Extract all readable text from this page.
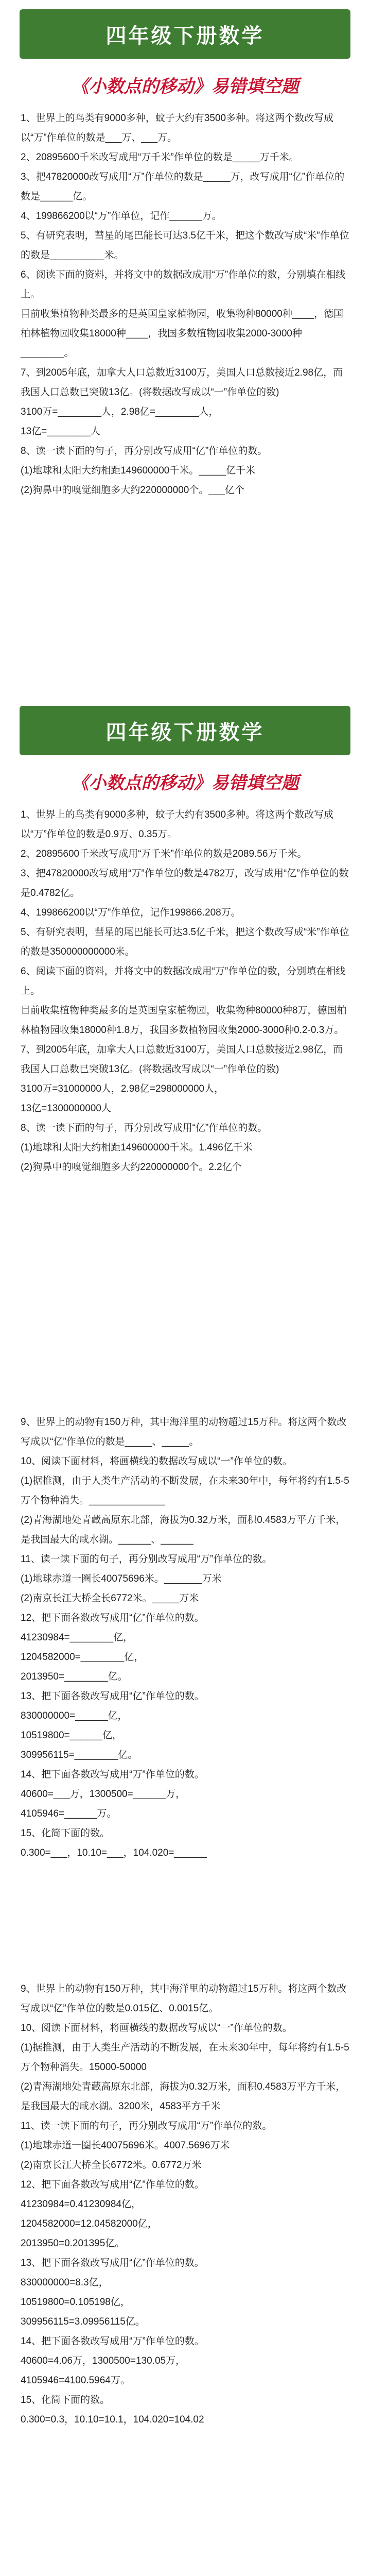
四年级下册数学
《小数点的移动》易错填空题

1、世界上的鸟类有9000多种，蚊子大约有3500多种。将这两个数改写成以“万”作单位的数是___万、___万。

2、20895600千米改写成用“万千米”作单位的数是_____万千米。

3、把47820000改写成用“万”作单位的数是_____万，改写成用“亿”作单位的数是______亿。

4、199866200以“万”作单位，记作______万。

5、有研究表明，彗星的尾巴能长可达3.5亿千米，把这个数改写成“米”作单位的数是__________米。

6、阅读下面的资料，并将文中的数据改成用“万”作单位的数，分别填在相线上。

目前收集植物种类最多的是英国皇家植物园，收集物种80000种____，德国柏林植物园收集18000种____，我国多数植物园收集2000-3000种________。

7、到2005年底，加拿大人口总数近3100万，美国人口总数接近2.98亿，而我国人口总数已突破13亿。(将数据改写成以“一”作单位的数)

3100万=________人，2.98亿=________人，

13亿=________人

8、读一读下面的句子，再分别改写成用“亿”作单位的数。

(1)地球和太阳大约相距149600000千米。_____亿千米

(2)狗鼻中的嗅觉细胞多大约220000000个。___亿个

四年级下册数学
《小数点的移动》易错填空题

1、世界上的鸟类有9000多种，蚊子大约有3500多种。将这两个数改写成以“万”作单位的数是0.9万、0.35万。

2、20895600千米改写成用“万千米”作单位的数是2089.56万千米。

3、把47820000改写成用“万”作单位的数是4782万，改写成用“亿”作单位的数是0.4782亿。

4、199866200以“万”作单位，记作199866.208万。

5、有研究表明，彗星的尾巴能长可达3.5亿千米，把这个数改写成“米”作单位的数是350000000000米。

6、阅读下面的资料，并将文中的数据改成用“万”作单位的数，分别填在相线上。

目前收集植物种类最多的是英国皇家植物园，收集物种80000种8万，德国柏林植物园收集18000种1.8万，我国多数植物园收集2000-3000种0.2-0.3万。

7、到2005年底，加拿大人口总数近3100万，美国人口总数接近2.98亿，而我国人口总数已突破13亿。(将数据改写成以“一”作单位的数)

3100万=31000000人，2.98亿=298000000人，

13亿=1300000000人

8、读一读下面的句子，再分别改写成用“亿”作单位的数。

(1)地球和太阳大约相距149600000千米。1.496亿千米

(2)狗鼻中的嗅觉细胞多大约220000000个。2.2亿个

9、世界上的动物有150万种，其中海洋里的动物超过15万种。将这两个数改写成以“亿”作单位的数是_____、_____。

10、阅读下面材料，将画横线的数据改写成以“一”作单位的数。

(1)据推测，由于人类生产活动的不断发展，在未来30年中，每年将约有1.5-5万个物种消失。______________

(2)青海湖地处青藏高原东北部，海拔为0.32万米，面积0.4583万平方千米，是我国最大的咸水湖。______、______

11、读一读下面的句子，再分别改写成用“万”作单位的数。

(1)地球赤道一圈长40075696米。_______万米

(2)南京长江大桥全长6772米。_____万米

12、把下面各数改写成用“亿”作单位的数。

41230984=________亿，

1204582000=________亿，

2013950=________亿。

13、把下面各数改写成用“亿”作单位的数。

830000000=______亿，

10519800=______亿，

309956115=________亿。

14、把下面各数改写成用“万”作单位的数。

40600=___万，1300500=______万，

4105946=______万。

15、化简下面的数。

0.300=___，10.10=___，104.020=______

9、世界上的动物有150万种，其中海洋里的动物超过15万种。将这两个数改写成以“亿”作单位的数是0.015亿、0.0015亿。

10、阅读下面材料，将画横线的数据改写成以“一”作单位的数。

(1)据推测，由于人类生产活动的不断发展，在未来30年中，每年将约有1.5-5万个物种消失。15000-50000

(2)青海湖地处青藏高原东北部，海拔为0.32万米，面积0.4583万平方千米，是我国最大的咸水湖。3200米，4583平方千米

11、读一读下面的句子，再分别改写成用“万”作单位的数。

(1)地球赤道一圈长40075696米。4007.5696万米

(2)南京长江大桥全长6772米。0.6772万米

12、把下面各数改写成用“亿”作单位的数。

41230984=0.41230984亿，

1204582000=12.04582000亿，

2013950=0.201395亿。

13、把下面各数改写成用“亿”作单位的数。

830000000=8.3亿，

10519800=0.105198亿，

309956115=3.09956115亿。

14、把下面各数改写成用“万”作单位的数。

40600=4.06万，1300500=130.05万，

4105946=4100.5964万。

15、化简下面的数。

0.300=0.3，10.10=10.1，104.020=104.02
